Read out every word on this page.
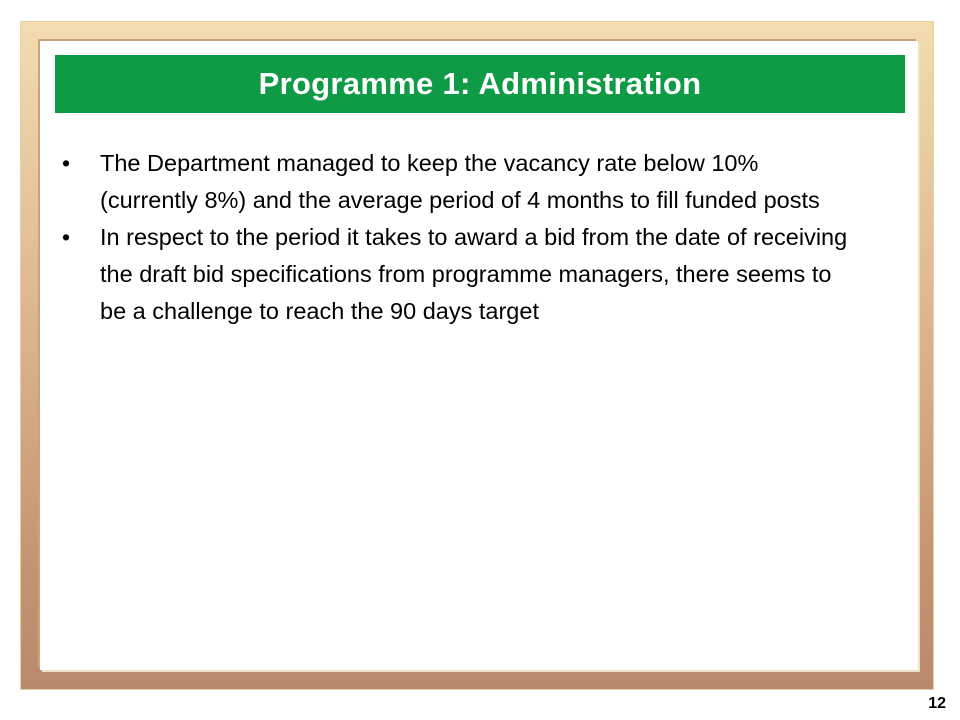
Programme 1: Administration
• The Department managed to keep the vacancy rate below 10% (currently 8%) and the average period of 4 months to fill funded posts
• In respect to the period it takes to award a bid from the date of receiving the draft bid specifications from programme managers, there seems to be a challenge to reach the 90 days target
12
